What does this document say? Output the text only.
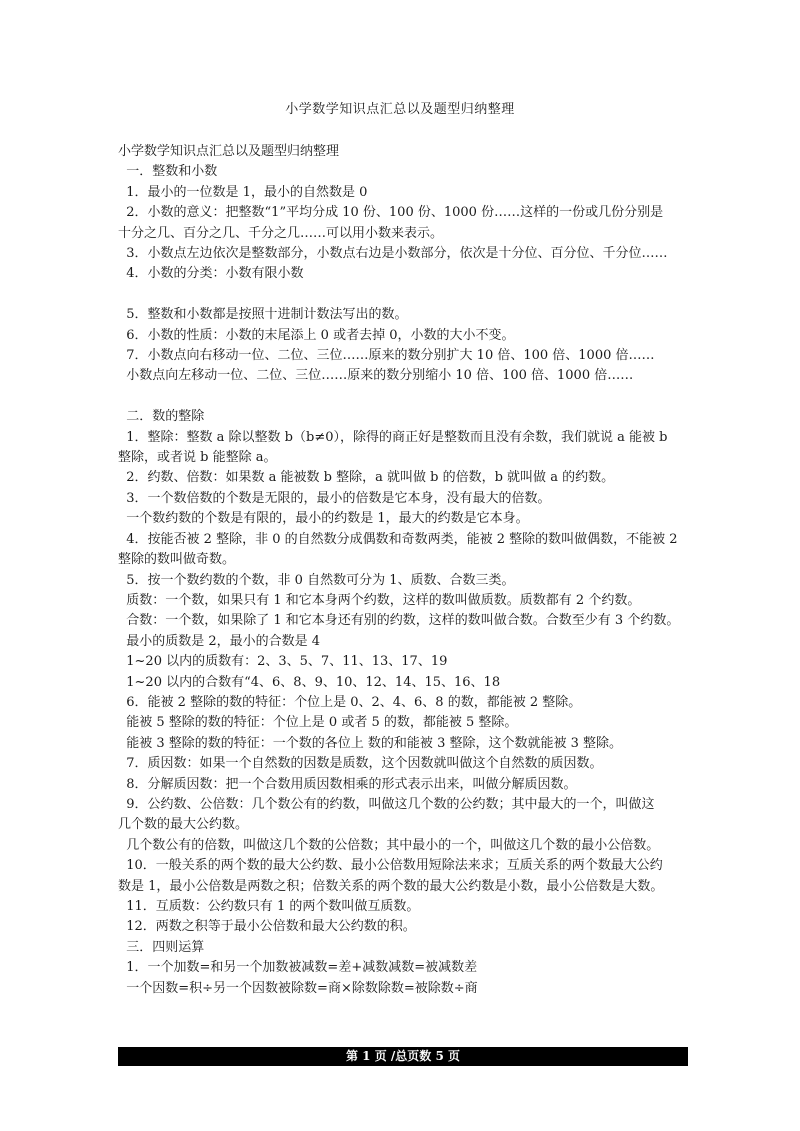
小学数学知识点汇总以及题型归纳整理

小学数学知识点汇总以及题型归纳整理

一．整数和小数

1．最小的一位数是 1，最小的自然数是 0

2．小数的意义：把整数“1”平均分成 10 份、100 份、1000 份……这样的一份或几份分别是

十分之几、百分之几、千分之几……可以用小数来表示。

3．小数点左边依次是整数部分，小数点右边是小数部分，依次是十分位、百分位、千分位……

4．小数的分类：小数有限小数

5．整数和小数都是按照十进制计数法写出的数。

6．小数的性质：小数的末尾添上 0 或者去掉 0，小数的大小不变。

7．小数点向右移动一位、二位、三位……原来的数分别扩大 10 倍、100 倍、1000 倍……

小数点向左移动一位、二位、三位……原来的数分别缩小 10 倍、100 倍、1000 倍……

二．数的整除

1．整除：整数 a 除以整数 b（b≠0），除得的商正好是整数而且没有余数，我们就说 a 能被 b

整除，或者说 b 能整除 a。

2．约数、倍数：如果数 a 能被数 b 整除，a 就叫做 b 的倍数，b 就叫做 a 的约数。

3．一个数倍数的个数是无限的，最小的倍数是它本身，没有最大的倍数。

一个数约数的个数是有限的，最小的约数是 1，最大的约数是它本身。

4．按能否被 2 整除，非 0 的自然数分成偶数和奇数两类，能被 2 整除的数叫做偶数，不能被 2

整除的数叫做奇数。

5．按一个数约数的个数，非 0 自然数可分为 1、质数、合数三类。

质数：一个数，如果只有 1 和它本身两个约数，这样的数叫做质数。质数都有 2 个约数。

合数：一个数，如果除了 1 和它本身还有别的约数，这样的数叫做合数。合数至少有 3 个约数。

最小的质数是 2，最小的合数是 4

1~20 以内的质数有：2、3、5、7、11、13、17、19

1~20 以内的合数有“4、6、8、9、10、12、14、15、16、18

6．能被 2 整除的数的特征：个位上是 0、2、4、6、8 的数，都能被 2 整除。

能被 5 整除的数的特征：个位上是 0 或者 5 的数，都能被 5 整除。

能被 3 整除的数的特征：一个数的各位上 数的和能被 3 整除，这个数就能被 3 整除。

7．质因数：如果一个自然数的因数是质数，这个因数就叫做这个自然数的质因数。

8．分解质因数：把一个合数用质因数相乘的形式表示出来，叫做分解质因数。

9．公约数、公倍数：几个数公有的约数，叫做这几个数的公约数；其中最大的一个，叫做这

几个数的最大公约数。

几个数公有的倍数，叫做这几个数的公倍数；其中最小的一个，叫做这几个数的最小公倍数。

10．一般关系的两个数的最大公约数、最小公倍数用短除法来求；互质关系的两个数最大公约

数是 1，最小公倍数是两数之积；倍数关系的两个数的最大公约数是小数，最小公倍数是大数。

11．互质数：公约数只有 1 的两个数叫做互质数。

12．两数之积等于最小公倍数和最大公约数的积。

三．四则运算

1．一个加数=和另一个加数被减数=差+减数减数=被减数差

一个因数=积÷另一个因数被除数=商×除数除数=被除数÷商

第 1 页 /总页数 5 页
